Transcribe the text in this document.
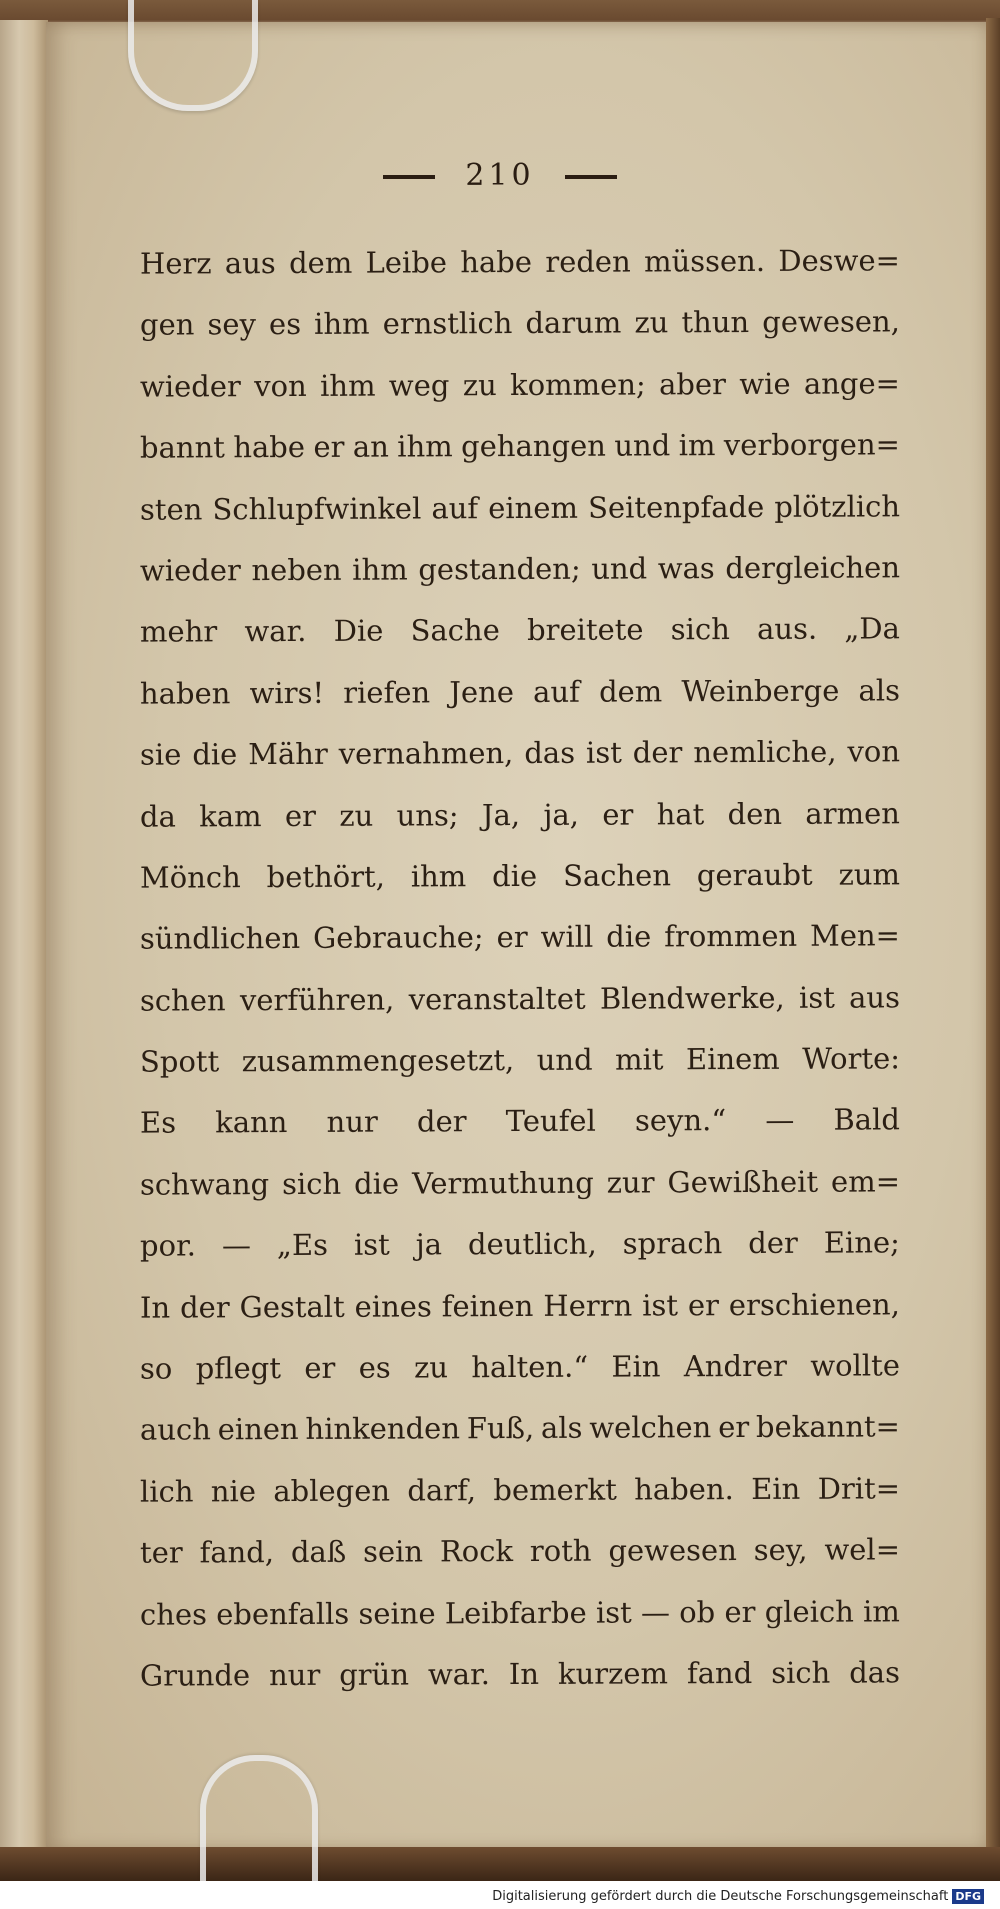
210
Herz aus dem Leibe habe reden müssen. Deswe=
gen sey es ihm ernstlich darum zu thun gewesen,
wieder von ihm weg zu kommen; aber wie ange=
bannt habe er an ihm gehangen und im verborgen=
sten Schlupfwinkel auf einem Seitenpfade plötzlich
wieder neben ihm gestanden; und was dergleichen
mehr war. Die Sache breitete sich aus. „Da
haben wirs! riefen Jene auf dem Weinberge als
sie die Mähr vernahmen, das ist der nemliche, von
da kam er zu uns; Ja, ja, er hat den armen
Mönch bethört, ihm die Sachen geraubt zum
sündlichen Gebrauche; er will die frommen Men=
schen verführen, veranstaltet Blendwerke, ist aus
Spott zusammengesetzt, und mit Einem Worte:
Es kann nur der Teufel seyn.“ — Bald
schwang sich die Vermuthung zur Gewißheit em=
por. — „Es ist ja deutlich, sprach der Eine;
In der Gestalt eines feinen Herrn ist er erschienen,
so pflegt er es zu halten.“ Ein Andrer wollte
auch einen hinkenden Fuß, als welchen er bekannt=
lich nie ablegen darf, bemerkt haben. Ein Drit=
ter fand, daß sein Rock roth gewesen sey, wel=
ches ebenfalls seine Leibfarbe ist — ob er gleich im
Grunde nur grün war. In kurzem fand sich das
Digitalisierung gefördert durch die Deutsche Forschungsgemeinschaft DFG
